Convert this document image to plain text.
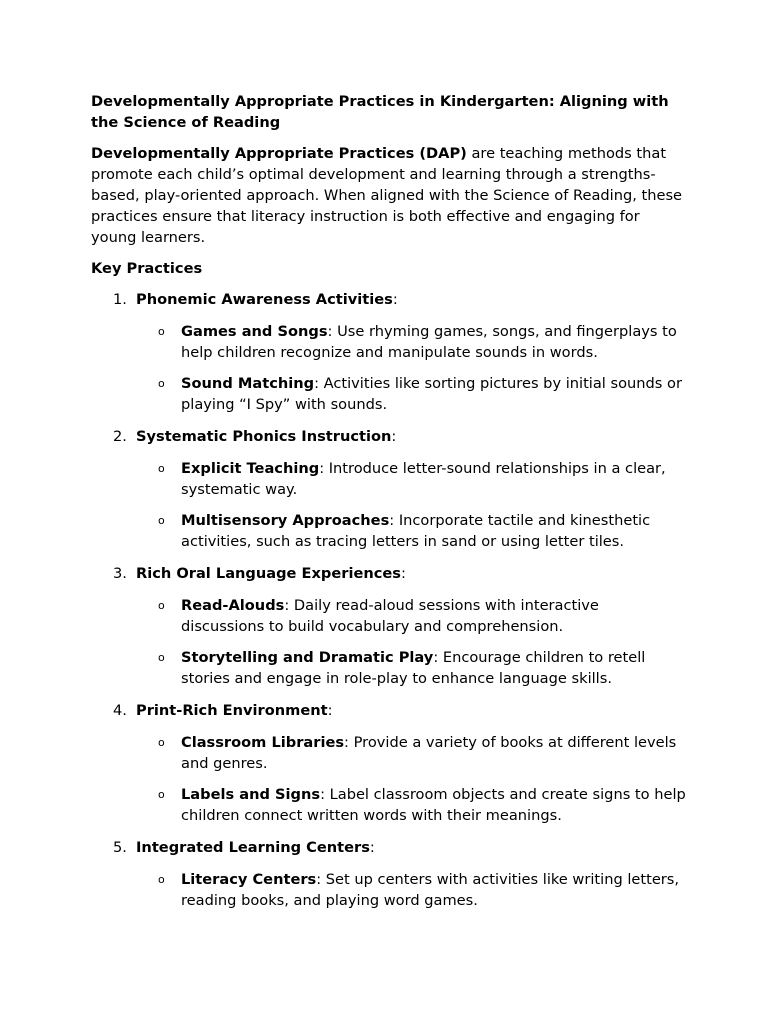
Developmentally Appropriate Practices in Kindergarten: Aligning with the Science of Reading

Developmentally Appropriate Practices (DAP) are teaching methods that promote each child’s optimal development and learning through a strengths-based, play-oriented approach. When aligned with the Science of Reading, these practices ensure that literacy instruction is both effective and engaging for young learners.

Key Practices
1. Phonemic Awareness Activities:
o Games and Songs: Use rhyming games, songs, and fingerplays to help children recognize and manipulate sounds in words.
o Sound Matching: Activities like sorting pictures by initial sounds or playing “I Spy” with sounds.
2. Systematic Phonics Instruction:
o Explicit Teaching: Introduce letter-sound relationships in a clear, systematic way.
o Multisensory Approaches: Incorporate tactile and kinesthetic activities, such as tracing letters in sand or using letter tiles.
3. Rich Oral Language Experiences:
o Read-Alouds: Daily read-aloud sessions with interactive discussions to build vocabulary and comprehension.
o Storytelling and Dramatic Play: Encourage children to retell stories and engage in role-play to enhance language skills.
4. Print-Rich Environment:
o Classroom Libraries: Provide a variety of books at different levels and genres.
o Labels and Signs: Label classroom objects and create signs to help children connect written words with their meanings.
5. Integrated Learning Centers:
o Literacy Centers: Set up centers with activities like writing letters, reading books, and playing word games.
